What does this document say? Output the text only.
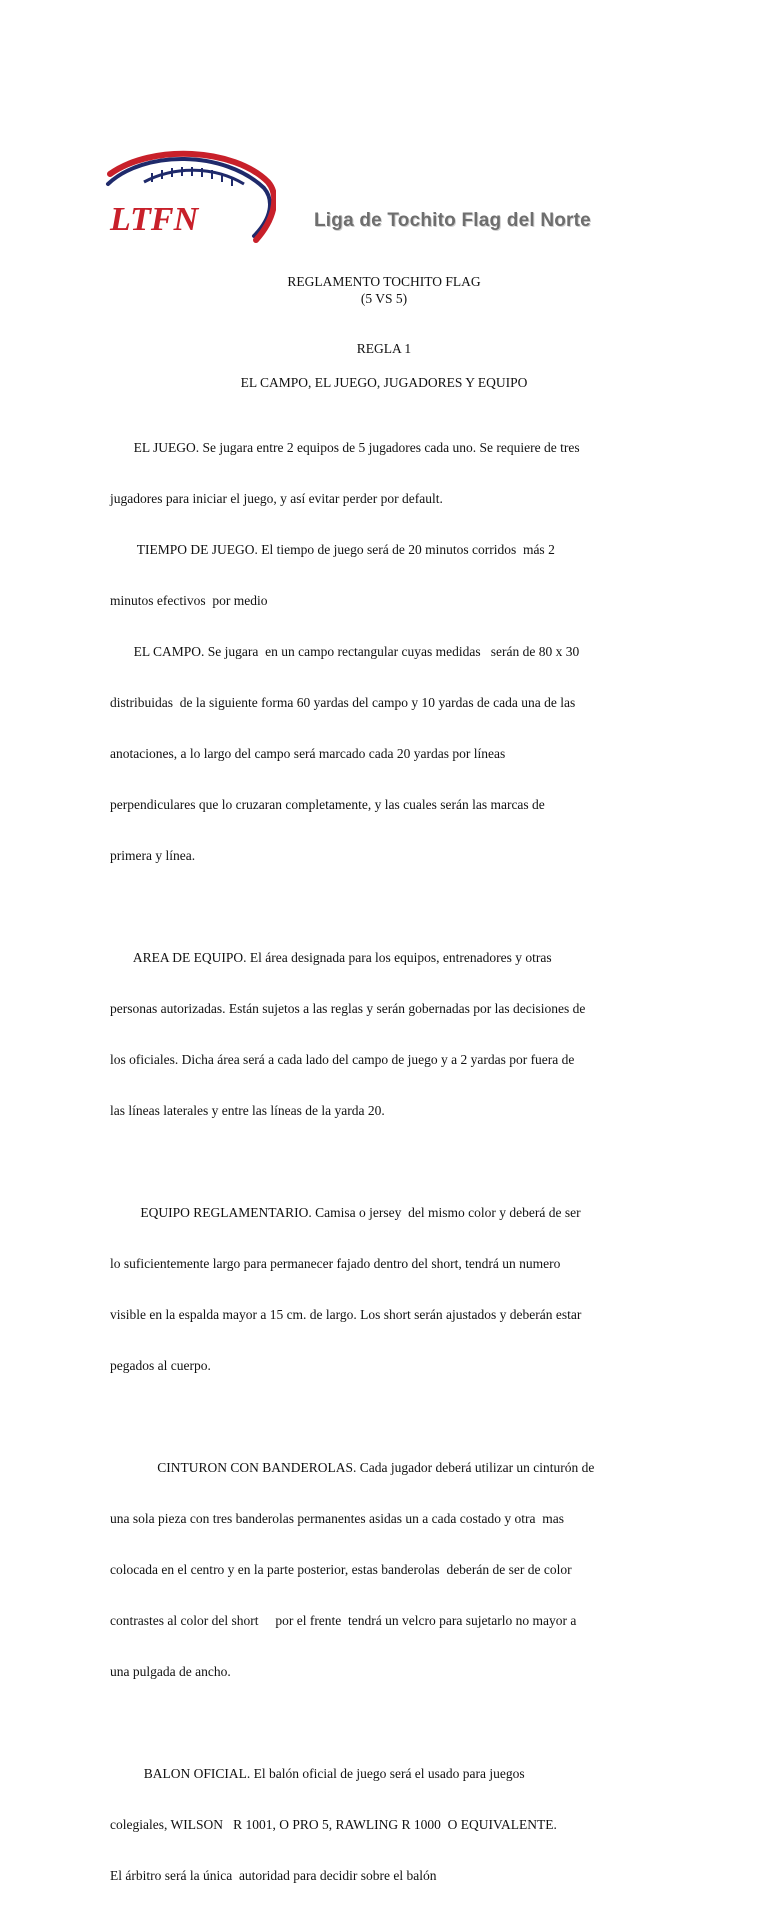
LTFN	Liga de Tochito Flag del Norte
REGLAMENTO TOCHITO FLAG
(5 VS 5)
REGLA 1
EL CAMPO, EL JUEGO, JUGADORES Y EQUIPO

EL JUEGO. Se jugara entre 2 equipos de 5 jugadores cada uno. Se requiere de tres

jugadores para iniciar el juego, y así evitar perder por default.

TIEMPO DE JUEGO. El tiempo de juego será de 20 minutos corridos  más 2

minutos efectivos  por medio

EL CAMPO. Se jugara  en un campo rectangular cuyas medidas   serán de 80 x 30

distribuidas  de la siguiente forma 60 yardas del campo y 10 yardas de cada una de las

anotaciones, a lo largo del campo será marcado cada 20 yardas por líneas

perpendiculares que lo cruzaran completamente, y las cuales serán las marcas de

primera y línea.

AREA DE EQUIPO. El área designada para los equipos, entrenadores y otras

personas autorizadas. Están sujetos a las reglas y serán gobernadas por las decisiones de

los oficiales. Dicha área será a cada lado del campo de juego y a 2 yardas por fuera de

las líneas laterales y entre las líneas de la yarda 20.

EQUIPO REGLAMENTARIO. Camisa o jersey  del mismo color y deberá de ser

lo suficientemente largo para permanecer fajado dentro del short, tendrá un numero

visible en la espalda mayor a 15 cm. de largo. Los short serán ajustados y deberán estar

pegados al cuerpo.

CINTURON CON BANDEROLAS. Cada jugador deberá utilizar un cinturón de

una sola pieza con tres banderolas permanentes asidas un a cada costado y otra  mas

colocada en el centro y en la parte posterior, estas banderolas  deberán de ser de color

contrastes al color del short     por el frente  tendrá un velcro para sujetarlo no mayor a

una pulgada de ancho.

BALON OFICIAL. El balón oficial de juego será el usado para juegos

colegiales, WILSON   R 1001, O PRO 5, RAWLING R 1000  O EQUIVALENTE.

El árbitro será la única  autoridad para decidir sobre el balón
